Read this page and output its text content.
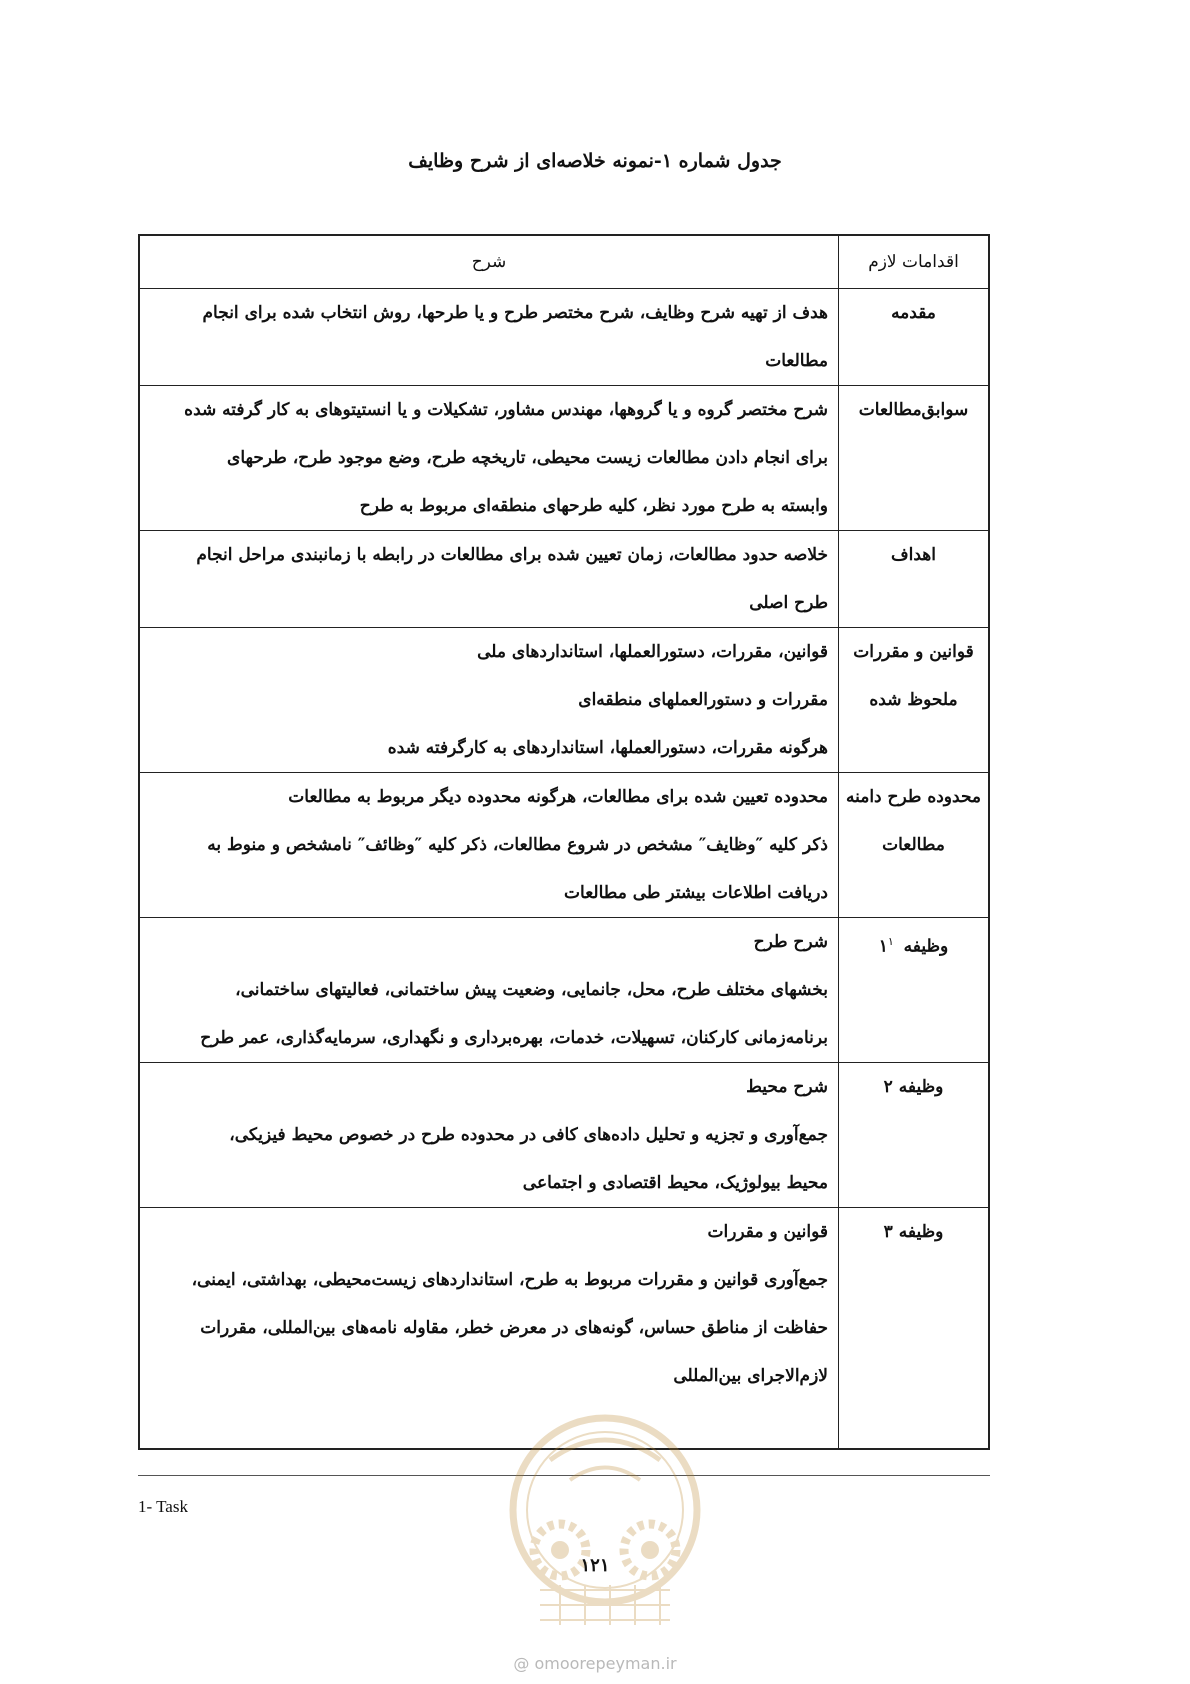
جدول شماره ۱-نمونه خلاصه‌ای از شرح وظایف
اقدامات لازم	شرح
مقدمه	هدف از تهیه شرح وظایف، شرح مختصر طرح و یا طرحها، روش انتخاب شده برای انجام
مطالعات

سوابق‌مطالعات	شرح مختصر گروه و یا گروهها، مهندس مشاور، تشکیلات و یا انستیتوهای به کار گرفته شده
برای انجام دادن مطالعات زیست محیطی، تاریخچه طرح، وضع موجود طرح، طرحهای
وابسته به طرح مورد نظر، کلیه طرحهای منطقه‌ای مربوط به طرح

اهداف	خلاصه حدود مطالعات، زمان تعیین شده برای مطالعات در رابطه با زمانبندی مراحل انجام
طرح اصلی

قوانین و مقررات ملحوظ شده	قوانین، مقررات، دستورالعملها، استانداردهای ملی
مقررات و دستورالعملهای منطقه‌ای
هرگونه مقررات، دستورالعملها، استانداردهای به کارگرفته شده

محدوده طرح دامنه مطالعات	محدوده تعیین شده برای مطالعات، هرگونه محدوده دیگر مربوط به مطالعات
ذکر کلیه ″وظایف″ مشخص در شروع مطالعات، ذکر کلیه ″وظائف″ نامشخص و منوط به
دریافت اطلاعات بیشتر طی مطالعات

وظیفه ۱$^۱$	شرح طرح
بخشهای مختلف طرح، محل، جانمایی، وضعیت پیش ساختمانی، فعالیتهای ساختمانی،
برنامه‌زمانی کارکنان، تسهیلات، خدمات، بهره‌برداری و نگهداری، سرمایه‌گذاری، عمر طرح

وظیفه ۲	شرح محیط
جمع‌آوری و تجزیه و تحلیل داده‌های کافی در محدوده طرح در خصوص محیط فیزیکی،
محیط بیولوژیک، محیط اقتصادی و اجتماعی

وظیفه ۳	قوانین و مقررات
جمع‌آوری قوانین و مقررات مربوط به طرح، استانداردهای زیست‌محیطی، بهداشتی، ایمنی،
حفاظت از مناطق حساس، گونه‌های در معرض خطر، مقاوله نامه‌های بین‌المللی، مقررات
لازم‌الاجرای بین‌المللی
1- Task
۱۲۱
@ omoorepeyman.ir
